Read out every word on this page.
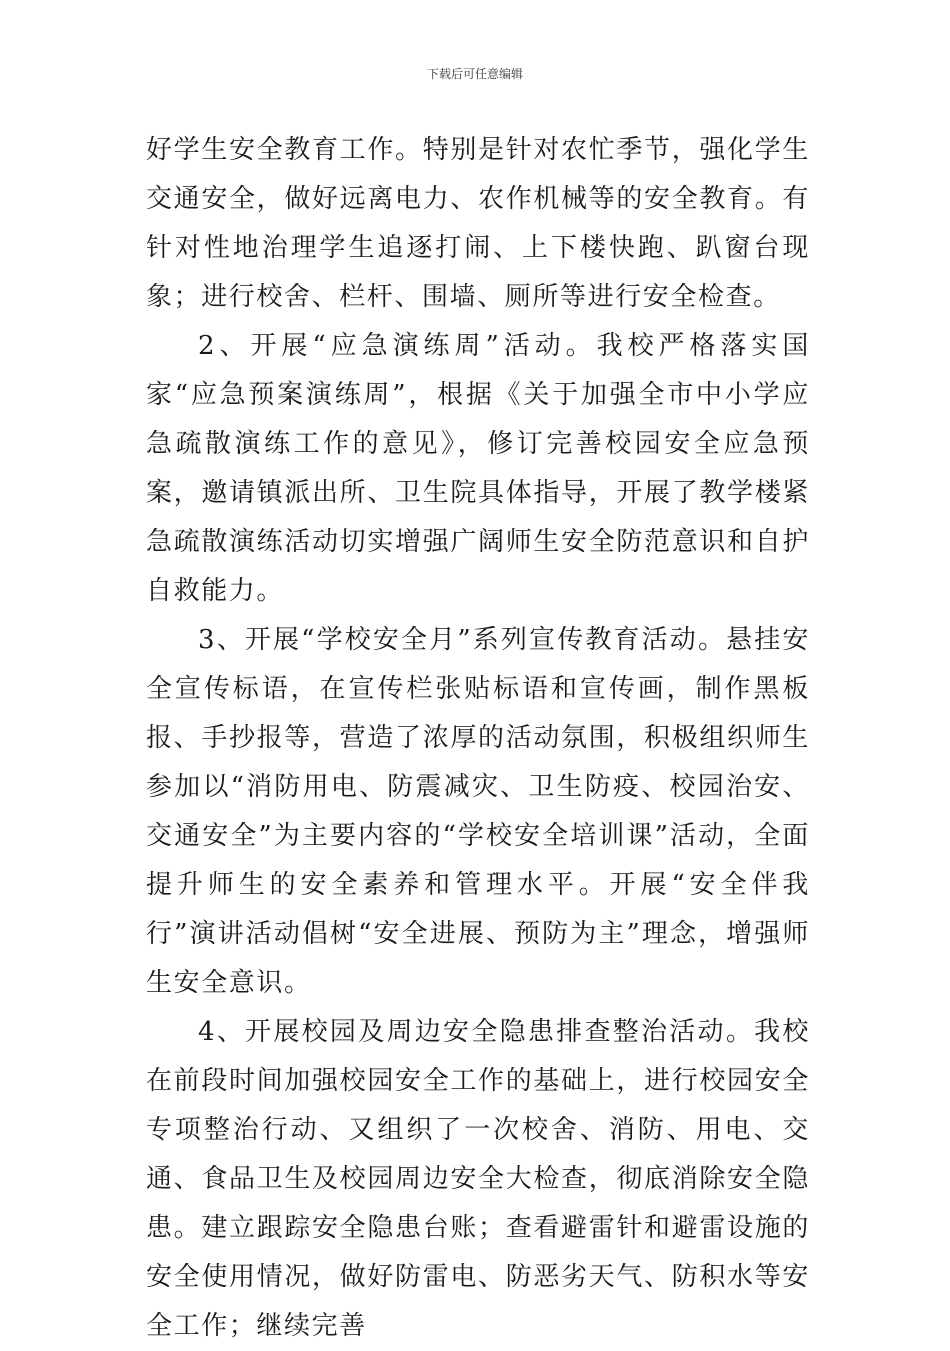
下载后可任意编辑

好学生安全教育工作。特别是针对农忙季节，强化学生交通安全，做好远离电力、农作机械等的安全教育。有针对性地治理学生追逐打闹、上下楼快跑、趴窗台现象；进行校舍、栏杆、围墙、厕所等进行安全检查。

2、开展“应急演练周”活动。我校严格落实国家“应急预案演练周”，根据《关于加强全市中小学应急疏散演练工作的意见》，修订完善校园安全应急预案，邀请镇派出所、卫生院具体指导，开展了教学楼紧急疏散演练活动切实增强广阔师生安全防范意识和自护自救能力。

3、开展“学校安全月”系列宣传教育活动。悬挂安全宣传标语，在宣传栏张贴标语和宣传画，制作黑板报、手抄报等，营造了浓厚的活动氛围，积极组织师生参加以“消防用电、防震减灾、卫生防疫、校园治安、交通安全”为主要内容的“学校安全培训课”活动，全面提升师生的安全素养和管理水平。开展“安全伴我行”演讲活动倡树“安全进展、预防为主”理念，增强师生安全意识。

4、开展校园及周边安全隐患排查整治活动。我校在前段时间加强校园安全工作的基础上，进行校园安全专项整治行动、又组织了一次校舍、消防、用电、交通、食品卫生及校园周边安全大检查，彻底消除安全隐患。建立跟踪安全隐患台账；查看避雷针和避雷设施的安全使用情况，做好防雷电、防恶劣天气、防积水等安全工作；继续完善
